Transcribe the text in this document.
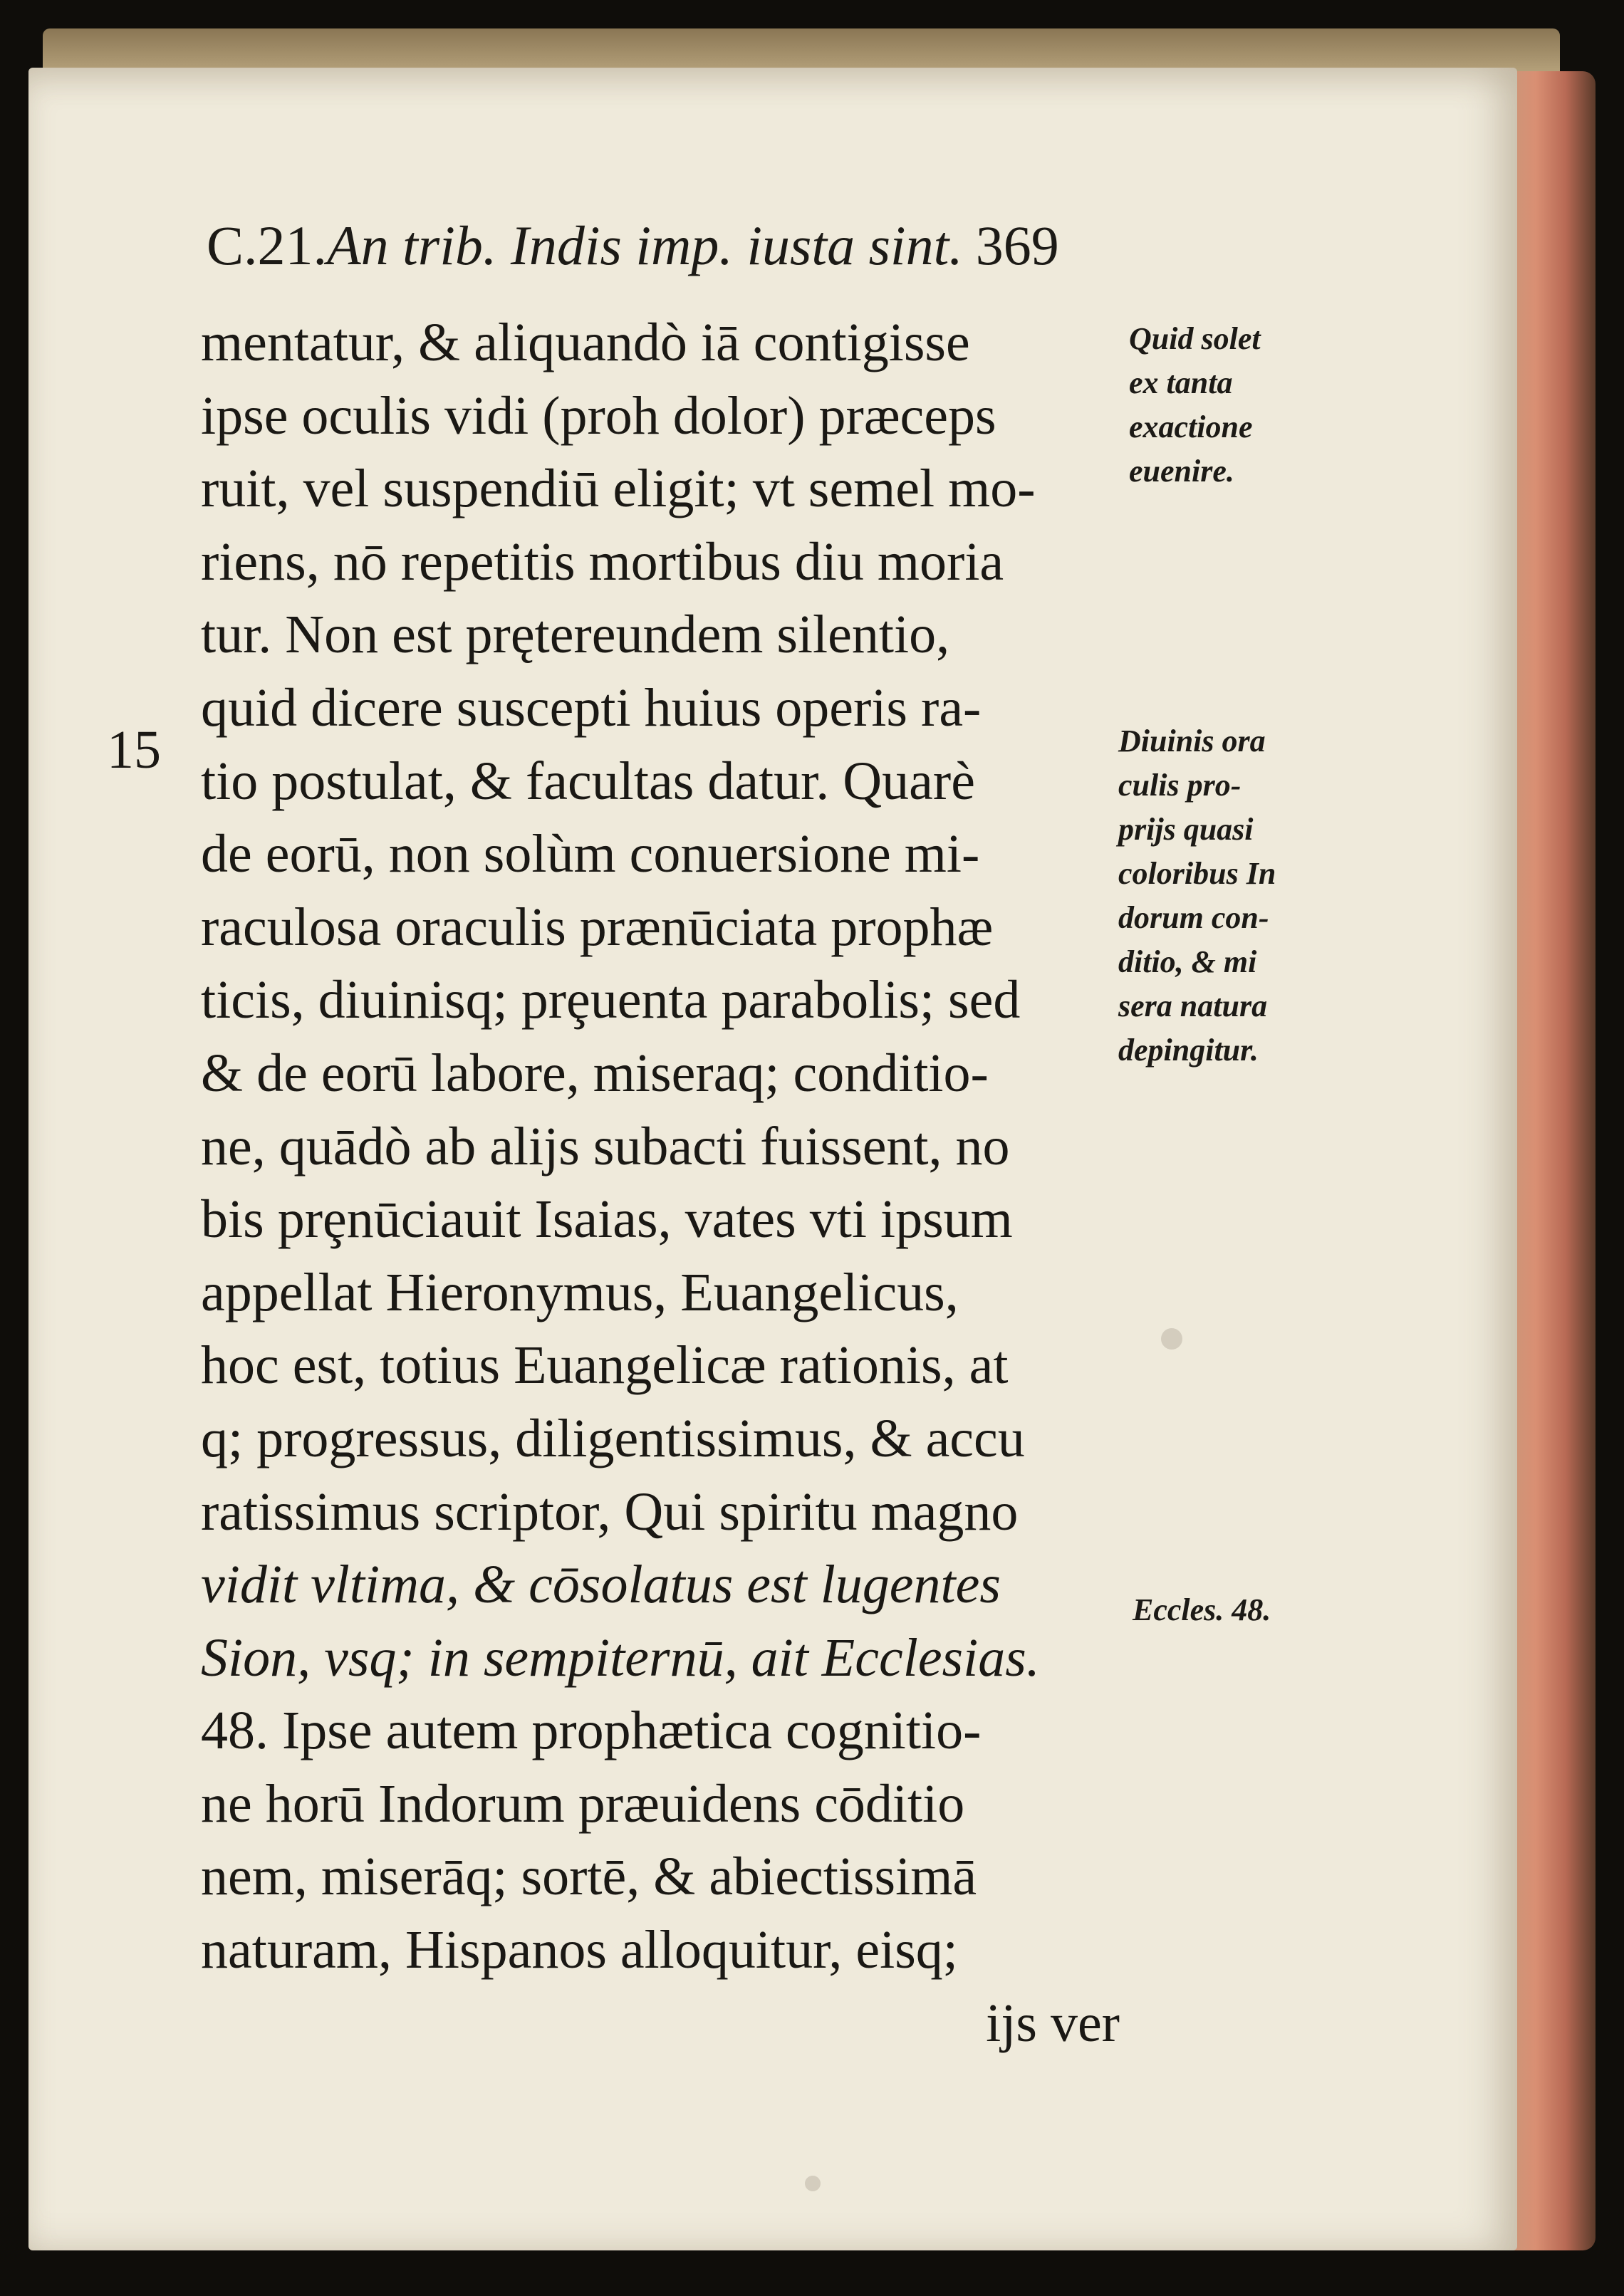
C.21.An trib. Indis imp. iusta sint. 369
15
mentatur, & aliquandò iā contigisse
ipse oculis vidi (proh dolor) præceps
ruit, vel suspendiū eligit; vt semel mo-
riens, nō repetitis mortibus diu moria
tur. Non est prętereundem silentio,
quid dicere suscepti huius operis ra-
tio postulat, & facultas datur. Quarè
de eorū, non solùm conuersione mi-
raculosa oraculis prænūciata prophæ
ticis, diuinisq; prȩuenta parabolis; sed
& de eorū labore, miseraq; conditio-
ne, quādò ab alijs subacti fuissent, no
bis prȩnūciauit Isaias, vates vti ipsum
appellat Hieronymus, Euangelicus,
hoc est, totius Euangelicæ rationis, at
q; progressus, diligentissimus, & accu
ratissimus scriptor, Qui spiritu magno
vidit vltima, & cōsolatus est lugentes
Sion, vsq; in sempiternū, ait Ecclesias.
48. Ipse autem prophætica cognitio-
ne horū Indorum præuidens cōditio
nem, miserāq; sortē, & abiectissimā
naturam, Hispanos alloquitur, eisq;
ijs ver
Quid solet
ex tanta
exactione
euenire.
Diuinis ora
culis pro-
prijs quasi
coloribus In
dorum con-
ditio, & mi
sera natura
depingitur.
Eccles. 48.
